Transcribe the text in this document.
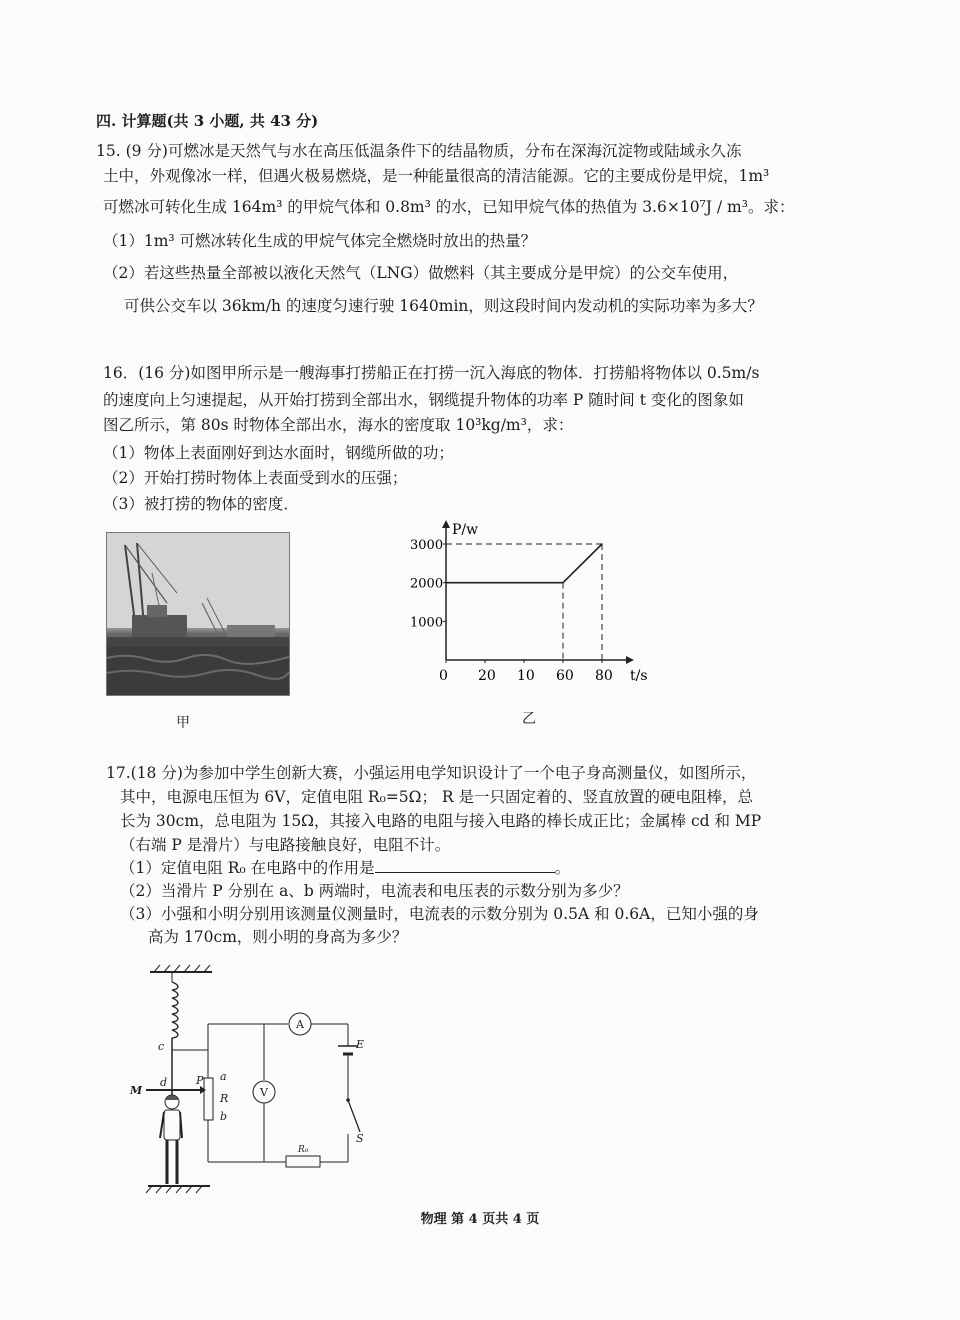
四. 计算题(共 3 小题, 共 43 分)
15. (9 分)可燃冰是天然气与水在高压低温条件下的结晶物质，分布在深海沉淀物或陆域永久冻
土中，外观像冰一样，但遇火极易燃烧，是一种能量很高的清洁能源。它的主要成份是甲烷，1m³
可燃冰可转化生成 164m³ 的甲烷气体和 0.8m³ 的水，已知甲烷气体的热值为 3.6×10⁷J / m³。求：
（1）1m³ 可燃冰转化生成的甲烷气体完全燃烧时放出的热量？
（2）若这些热量全部被以液化天然气（LNG）做燃料（其主要成分是甲烷）的公交车使用，
可供公交车以 36km/h 的速度匀速行驶 1640min，则这段时间内发动机的实际功率为多大？
16．(16 分)如图甲所示是一艘海事打捞船正在打捞一沉入海底的物体．打捞船将物体以 0.5m/s
的速度向上匀速提起，从开始打捞到全部出水，钢缆提升物体的功率 P 随时间 t 变化的图象如
图乙所示，第 80s 时物体全部出水，海水的密度取 10³kg/m³，求：
（1）物体上表面刚好到达水面时，钢缆所做的功；
（2）开始打捞时物体上表面受到水的压强；
（3）被打捞的物体的密度．
甲
P/w
t/s
1000
2000
3000
0 20 10 60 80
乙
17.(18 分)为参加中学生创新大赛，小强运用电学知识设计了一个电子身高测量仪，如图所示，
其中，电源电压恒为 6V，定值电阻 R₀=5Ω； R 是一只固定着的、竖直放置的硬电阻棒，总
长为 30cm，总电阻为 15Ω，其接入电路的电阻与接入电路的棒长成正比；金属棒 cd 和 MP
（右端 P 是滑片）与电路接触良好，电阻不计。
（1）定值电阻 R₀ 在电路中的作用是	。
（2）当滑片 P 分别在 a、b 两端时，电流表和电压表的示数分别为多少？
（3）小强和小明分别用该测量仪测量时，电流表的示数分别为 0.5A 和 0.6A，已知小强的身
高为 170cm，则小明的身高为多少？
A
E
S
R₀
a
R
b
V
M
d
c
P
物理 第 4 页共 4 页
